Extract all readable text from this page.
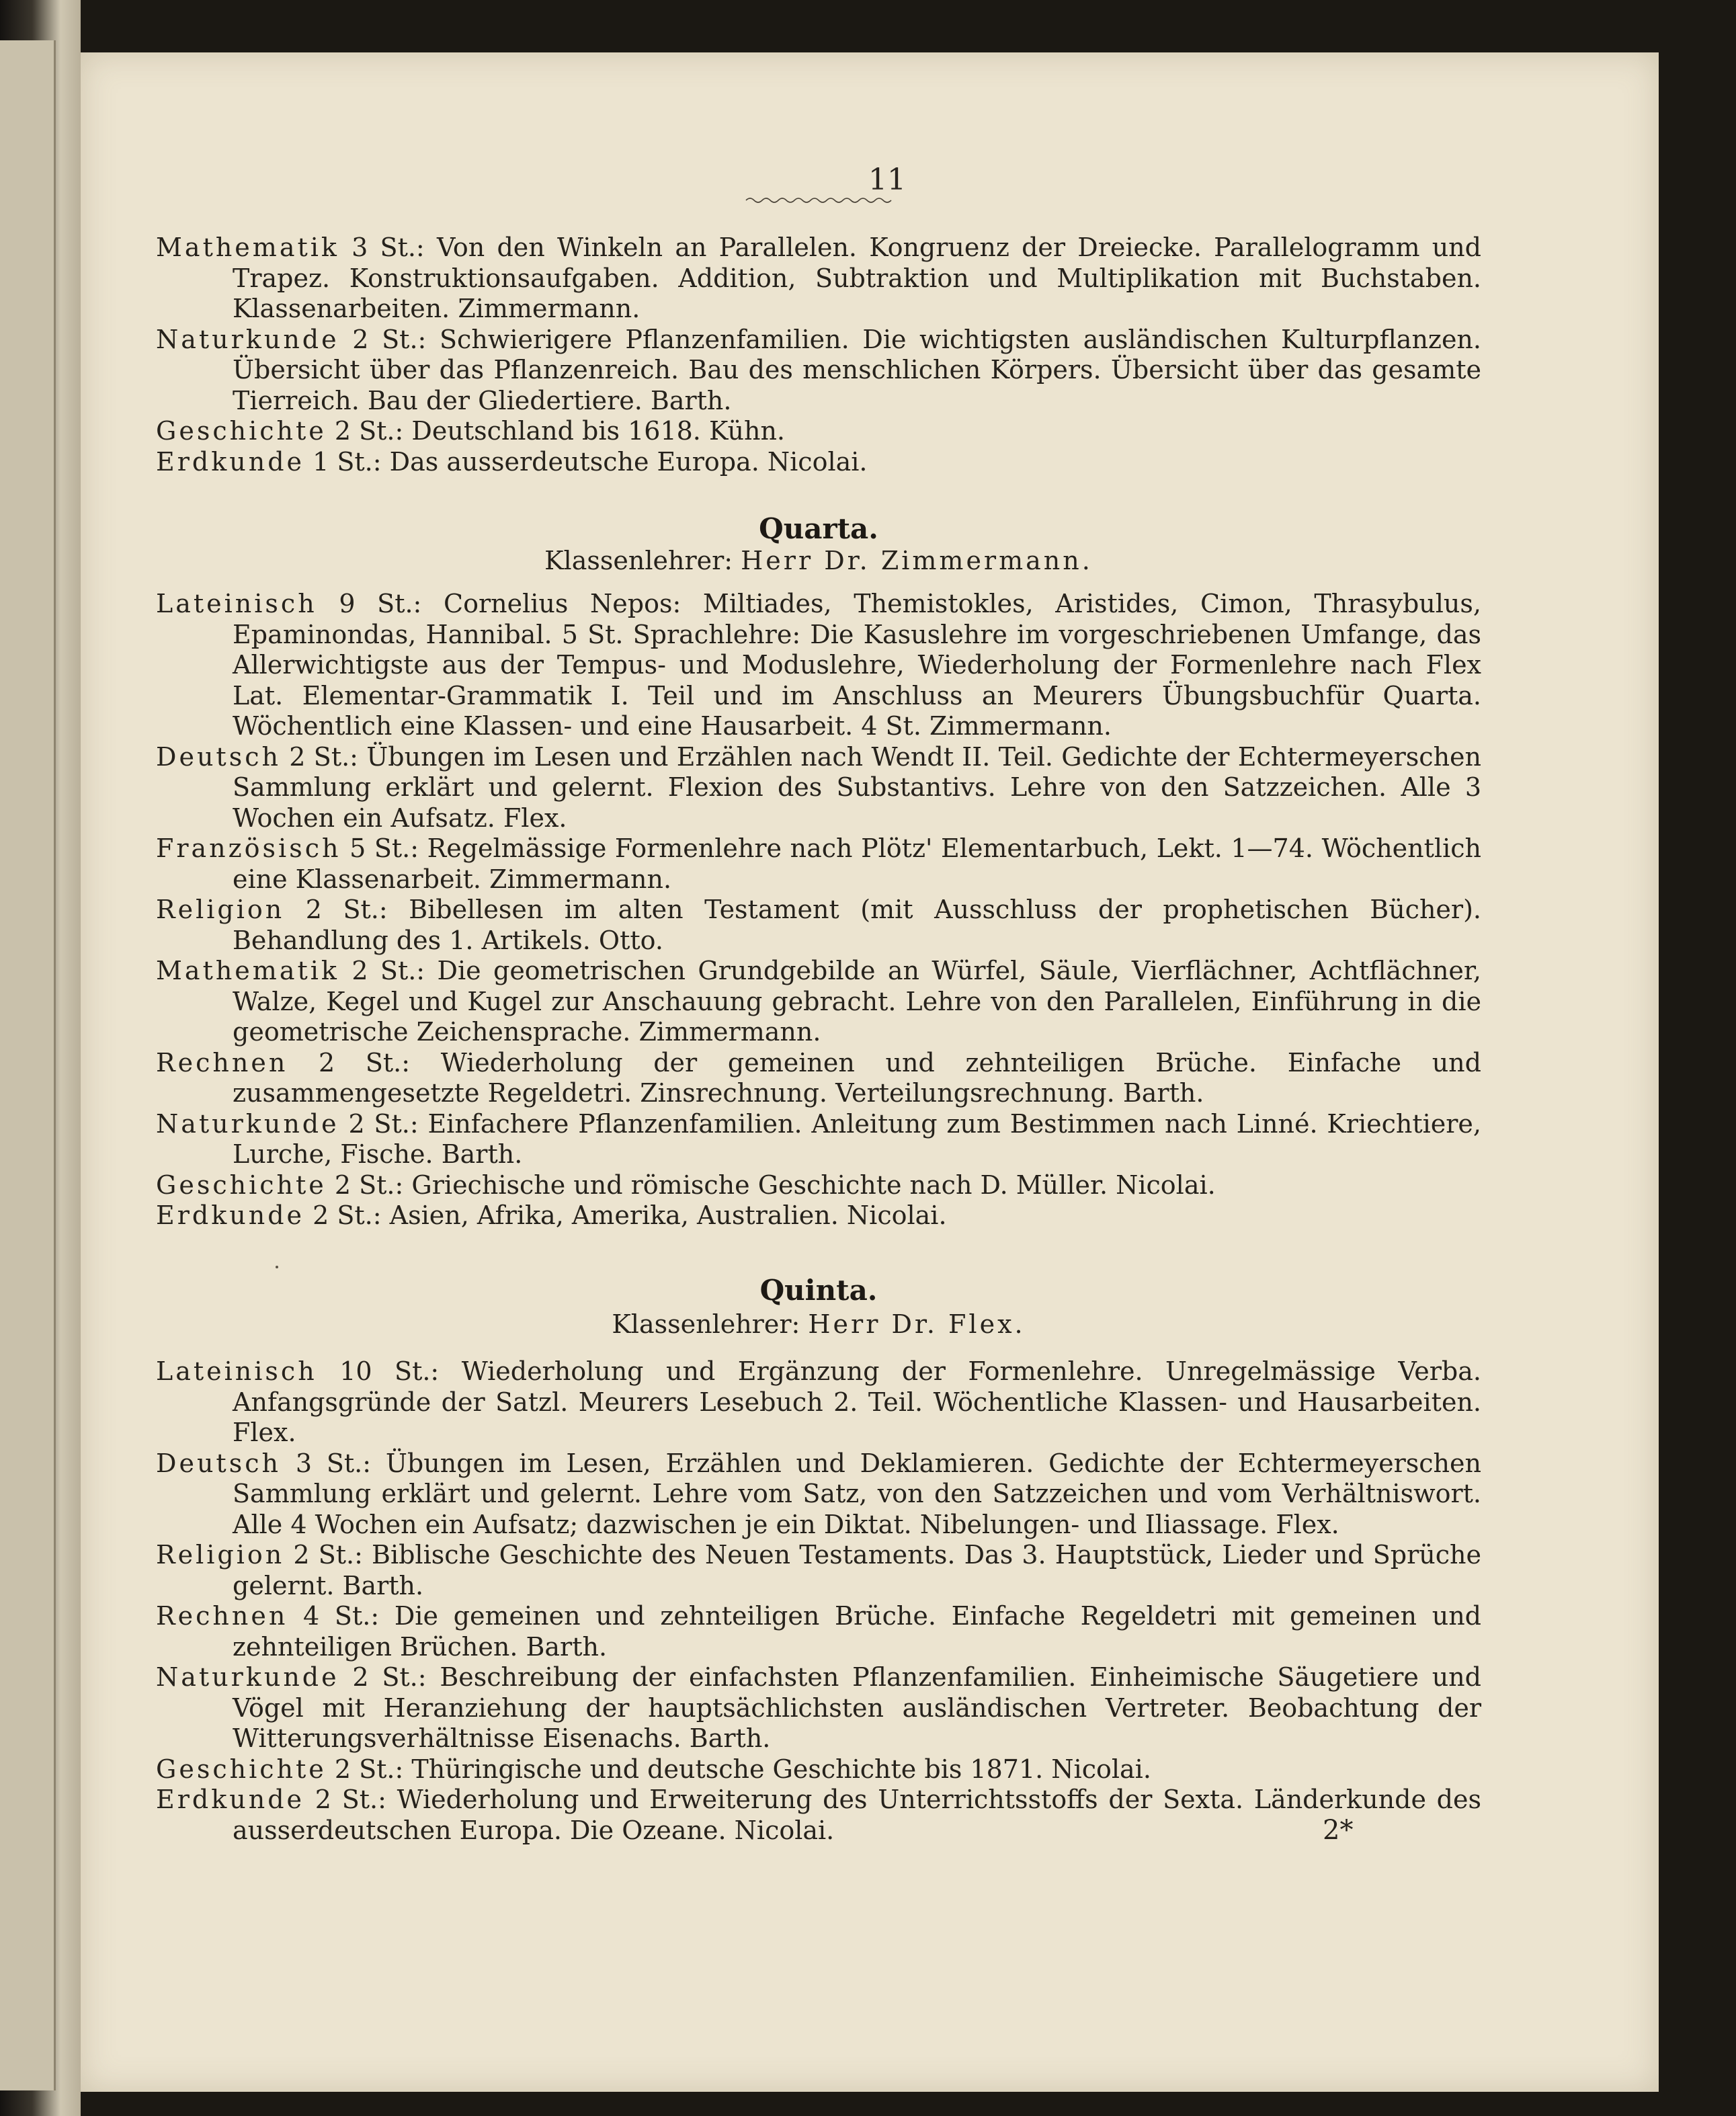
11
Mathematik 3 St.: Von den Winkeln an Parallelen. Kongruenz der Dreiecke. Parallelogramm und Trapez. Konstruktionsaufgaben. Addition, Subtraktion und Multiplikation mit Buchstaben. Klassenarbeiten. Zimmermann.
Naturkunde 2 St.: Schwierigere Pflanzenfamilien. Die wichtigsten ausländischen Kulturpflanzen. Übersicht über das Pflanzenreich. Bau des menschlichen Körpers. Übersicht über das gesamte Tierreich. Bau der Gliedertiere. Barth.
Geschichte 2 St.: Deutschland bis 1618. Kühn.
Erdkunde 1 St.: Das ausserdeutsche Europa. Nicolai.
Quarta.
Klassenlehrer: Herr Dr. Zimmermann.
Lateinisch 9 St.: Cornelius Nepos: Miltiades, Themistokles, Aristides, Cimon, Thrasybulus, Epaminondas, Hannibal. 5 St. Sprachlehre: Die Kasuslehre im vorgeschriebenen Umfange, das Allerwichtigste aus der Tempus- und Moduslehre, Wiederholung der Formenlehre nach Flex Lat. Elementar-Grammatik I. Teil und im Anschluss an Meurers Übungsbuchfür Quarta. Wöchentlich eine Klassen- und eine Hausarbeit. 4 St. Zimmermann.
Deutsch 2 St.: Übungen im Lesen und Erzählen nach Wendt II. Teil. Gedichte der Echtermeyerschen Sammlung erklärt und gelernt. Flexion des Substantivs. Lehre von den Satzzeichen. Alle 3 Wochen ein Aufsatz. Flex.
Französisch 5 St.: Regelmässige Formenlehre nach Plötz' Elementarbuch, Lekt. 1—74. Wöchentlich eine Klassenarbeit. Zimmermann.
Religion 2 St.: Bibellesen im alten Testament (mit Ausschluss der prophetischen Bücher). Behandlung des 1. Artikels. Otto.
Mathematik 2 St.: Die geometrischen Grundgebilde an Würfel, Säule, Vierflächner, Achtflächner, Walze, Kegel und Kugel zur Anschauung gebracht. Lehre von den Parallelen, Einführung in die geometrische Zeichensprache. Zimmermann.
Rechnen 2 St.: Wiederholung der gemeinen und zehnteiligen Brüche. Einfache und zusammengesetzte Regeldetri. Zinsrechnung. Verteilungsrechnung. Barth.
Naturkunde 2 St.: Einfachere Pflanzenfamilien. Anleitung zum Bestimmen nach Linné. Kriechtiere, Lurche, Fische. Barth.
Geschichte 2 St.: Griechische und römische Geschichte nach D. Müller. Nicolai.
Erdkunde 2 St.: Asien, Afrika, Amerika, Australien. Nicolai.
Quinta.
Klassenlehrer: Herr Dr. Flex.
Lateinisch 10 St.: Wiederholung und Ergänzung der Formenlehre. Unregelmässige Verba. Anfangsgründe der Satzl. Meurers Lesebuch 2. Teil. Wöchentliche Klassen- und Hausarbeiten. Flex.
Deutsch 3 St.: Übungen im Lesen, Erzählen und Deklamieren. Gedichte der Echtermeyerschen Sammlung erklärt und gelernt. Lehre vom Satz, von den Satzzeichen und vom Verhältniswort. Alle 4 Wochen ein Aufsatz; dazwischen je ein Diktat. Nibelungen- und Iliassage. Flex.
Religion 2 St.: Biblische Geschichte des Neuen Testaments. Das 3. Hauptstück, Lieder und Sprüche gelernt. Barth.
Rechnen 4 St.: Die gemeinen und zehnteiligen Brüche. Einfache Regeldetri mit gemeinen und zehnteiligen Brüchen. Barth.
Naturkunde 2 St.: Beschreibung der einfachsten Pflanzenfamilien. Einheimische Säugetiere und Vögel mit Heranziehung der hauptsächlichsten ausländischen Vertreter. Beobachtung der Witterungsverhältnisse Eisenachs. Barth.
Geschichte 2 St.: Thüringische und deutsche Geschichte bis 1871. Nicolai.
Erdkunde 2 St.: Wiederholung und Erweiterung des Unterrichtsstoffs der Sexta. Länderkunde des ausserdeutschen Europa. Die Ozeane. Nicolai.	2*
